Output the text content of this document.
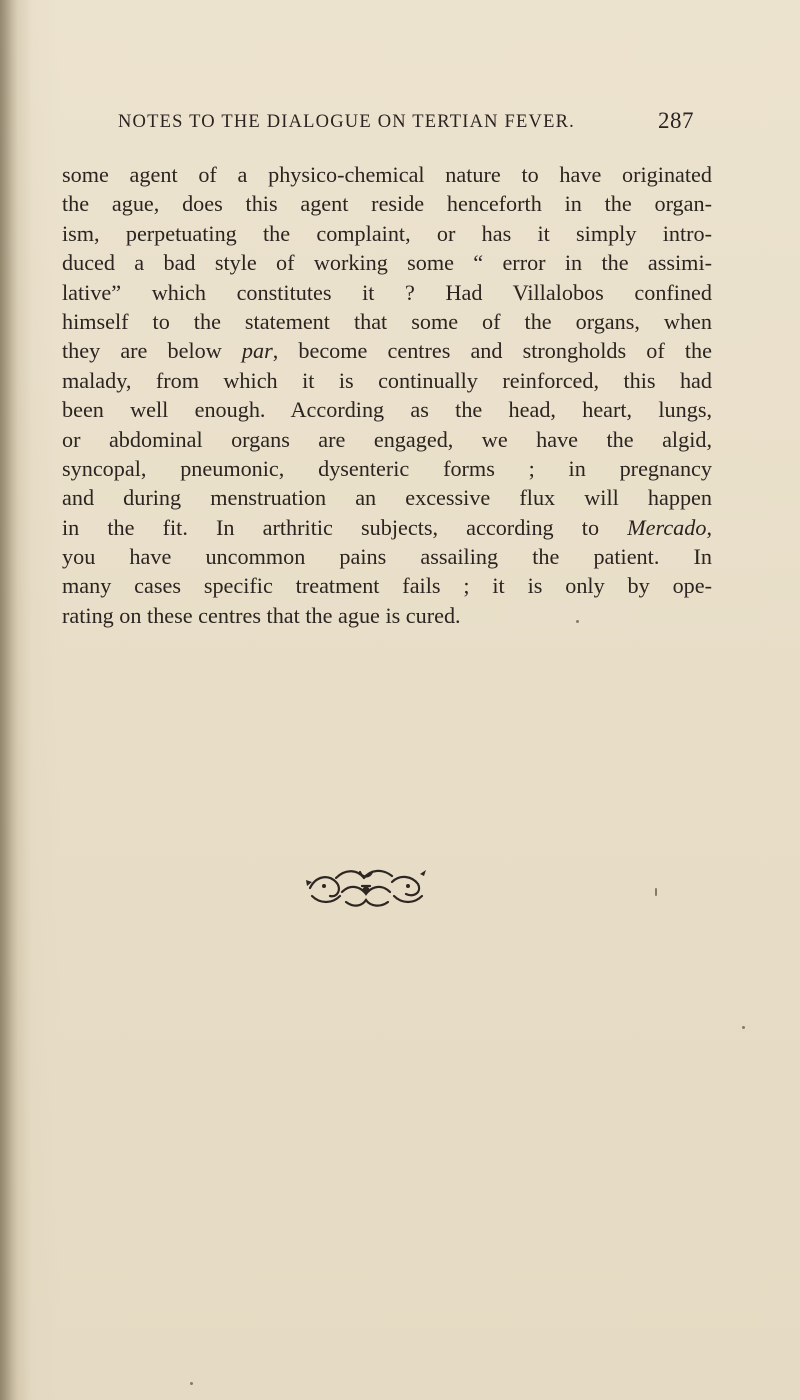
NOTES TO THE DIALOGUE ON TERTIAN FEVER.	287
some agent of a physico-chemical nature to have originated
the ague, does this agent reside henceforth in the organ-
ism, perpetuating the complaint, or has it simply intro-
duced a bad style of working some “ error in the assimi-
lative” which constitutes it ? Had Villalobos confined
himself to the statement that some of the organs, when
they are below par, become centres and strongholds of the
malady, from which it is continually reinforced, this had
been well enough. According as the head, heart, lungs,
or abdominal organs are engaged, we have the algid,
syncopal, pneumonic, dysenteric forms ; in pregnancy
and during menstruation an excessive flux will happen
in the fit. In arthritic subjects, according to Mercado,
you have uncommon pains assailing the patient. In
many cases specific treatment fails ; it is only by ope-
rating on these centres that the ague is cured.
